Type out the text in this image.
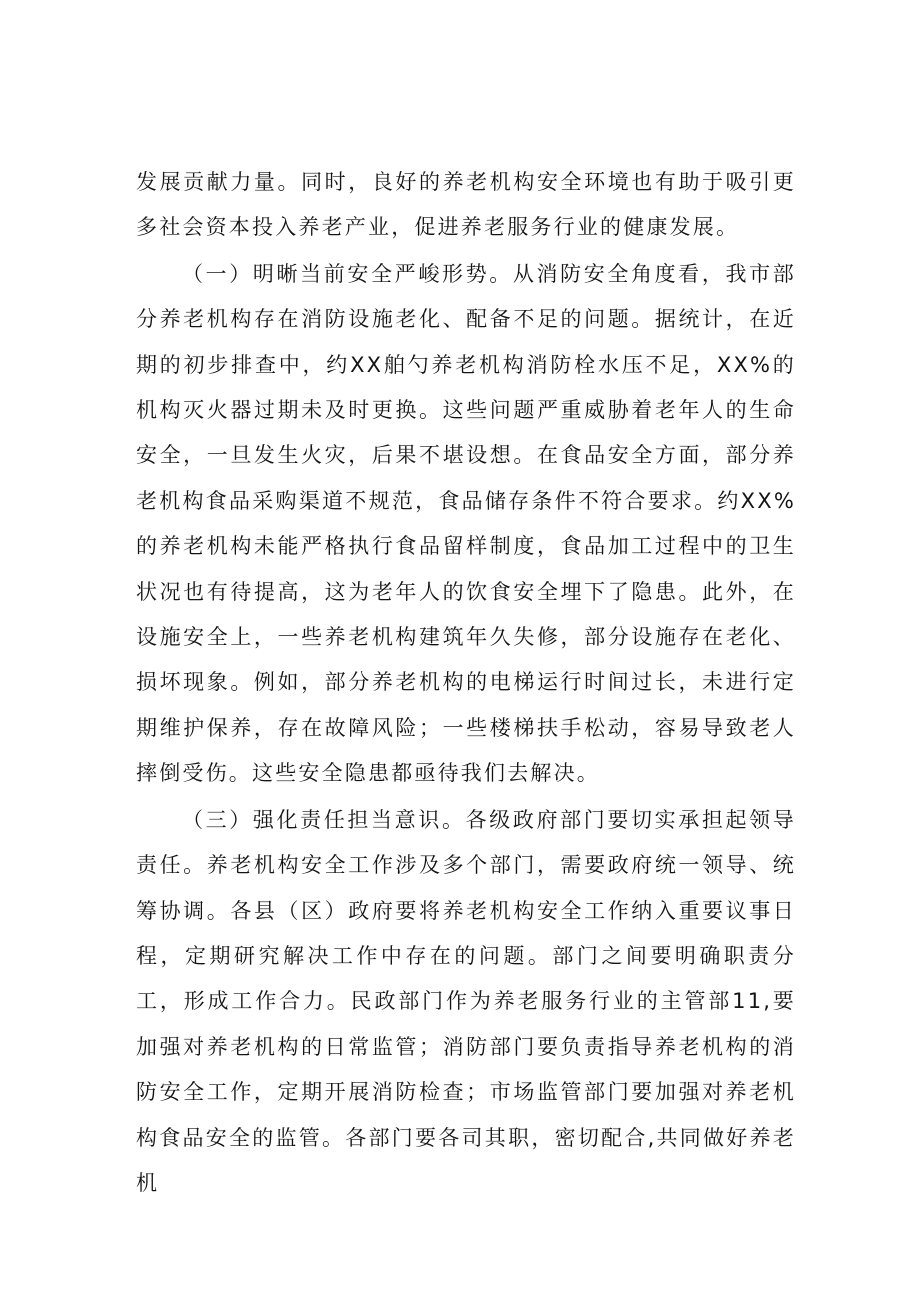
发展贡献力量。同时，良好的养老机构安全环境也有助于吸引更多社会资本投入养老产业，促进养老服务行业的健康发展。

（一）明晰当前安全严峻形势。从消防安全角度看，我市部分养老机构存在消防设施老化、配备不足的问题。据统计，在近期的初步排查中，约XX舶勺养老机构消防栓水压不足，XX%的机构灭火器过期未及时更换。这些问题严重威胁着老年人的生命安全，一旦发生火灾，后果不堪设想。在食品安全方面，部分养老机构食品采购渠道不规范，食品储存条件不符合要求。约XX%的养老机构未能严格执行食品留样制度，食品加工过程中的卫生状况也有待提高，这为老年人的饮食安全埋下了隐患。此外，在设施安全上，一些养老机构建筑年久失修，部分设施存在老化、损坏现象。例如，部分养老机构的电梯运行时间过长，未进行定期维护保养，存在故障风险；一些楼梯扶手松动，容易导致老人摔倒受伤。这些安全隐患都亟待我们去解决。

（三）强化责任担当意识。各级政府部门要切实承担起领导责任。养老机构安全工作涉及多个部门，需要政府统一领导、统筹协调。各县（区）政府要将养老机构安全工作纳入重要议事日程，定期研究解决工作中存在的问题。部门之间要明确职责分工，形成工作合力。民政部门作为养老服务行业的主管部11,要加强对养老机构的日常监管；消防部门要负责指导养老机构的消防安全工作，定期开展消防检查；市场监管部门要加强对养老机构食品安全的监管。各部门要各司其职，密切配合,共同做好养老机
